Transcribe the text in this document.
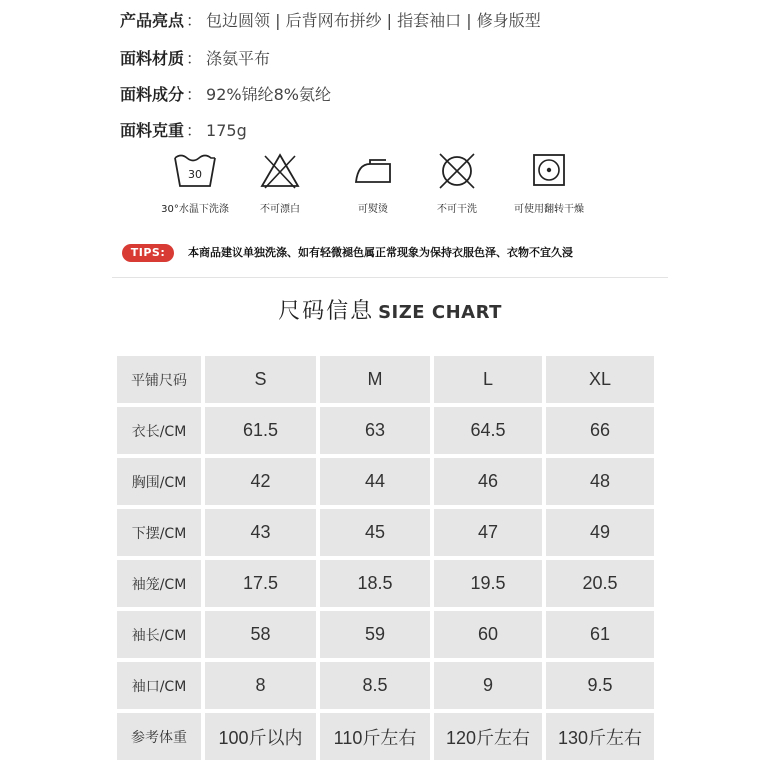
产品亮点 ： 包边圆领 | 后背网布拼纱 | 指套袖口 | 修身版型
面料材质 ： 涤氨平布
面料成分 ： 92%锦纶8%氨纶
面料克重 ： 175g
30
30°水温下洗涤	不可漂白	可熨烫	不可干洗	可使用翻转干燥
TIPS:	本商品建议单独洗涤、如有轻微褪色属正常现象为保持衣服色泽、衣物不宜久浸
尺码信息 SIZE CHART
平铺尺码	S	M	L	XL
衣长/CM	61.5	63	64.5	66
胸围/CM	42	44	46	48
下摆/CM	43	45	47	49
袖笼/CM	17.5	18.5	19.5	20.5
袖长/CM	58	59	60	61
袖口/CM	8	8.5	9	9.5
参考体重	100斤以内	110斤左右	120斤左右	130斤左右
